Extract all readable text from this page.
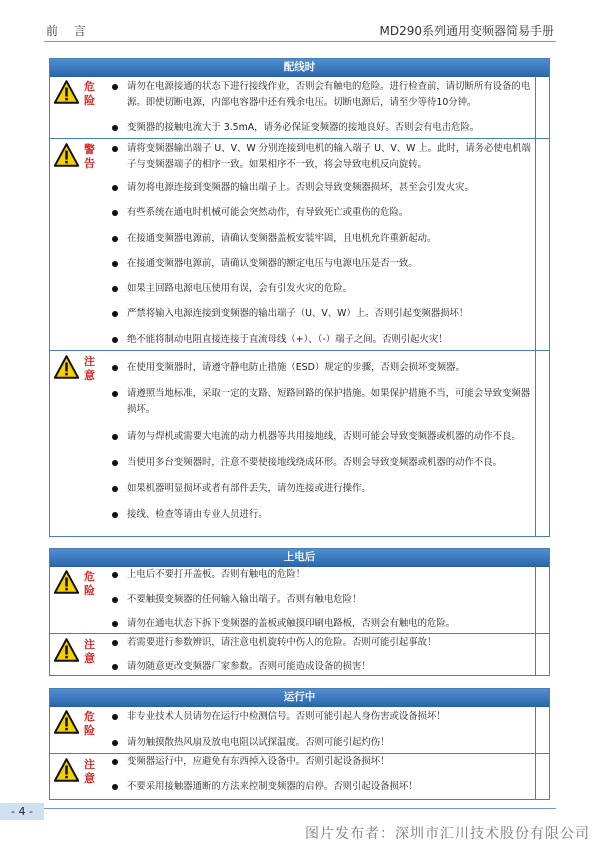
前 言	MD290系列通用变频器简易手册
配线时
危险
请勿在电源接通的状态下进行接线作业，否则会有触电的危险。进行检查前，请切断所有设备的电源。即使切断电源，内部电容器中还有残余电压。切断电源后，请至少等待10分钟。
变频器的接触电流大于 3.5mA，请务必保证变频器的接地良好。否则会有电击危险。
警告
请将变频器输出端子 U、V、W 分别连接到电机的输入端子 U、V、W 上。此时，请务必使电机端子与变频器端子的相序一致。如果相序不一致，将会导致电机反向旋转。
请勿将电源连接到变频器的输出端子上。否则会导致变频器损坏，甚至会引发火灾。
有些系统在通电时机械可能会突然动作，有导致死亡或重伤的危险。
在接通变频器电源前，请确认变频器盖板安装牢固，且电机允许重新起动。
在接通变频器电源前，请确认变频器的额定电压与电源电压是否一致。
如果主回路电源电压使用有误，会有引发火灾的危险。
严禁将输入电源连接到变频器的输出端子（U、V、W）上。否则引起变频器损坏！
绝不能将制动电阻直接连接于直流母线（+）、（-）端子之间。否则引起火灾！
注意
在使用变频器时，请遵守静电防止措施（ESD）规定的步骤，否则会损坏变频器。
请遵照当地标准，采取一定的支路、短路回路的保护措施。如果保护措施不当，可能会导致变频器损坏。
请勿与焊机或需要大电流的动力机器等共用接地线，否则可能会导致变频器或机器的动作不良。
当使用多台变频器时，注意不要使接地线绕成环形。否则会导致变频器或机器的动作不良。
如果机器明显损坏或者有部件丢失，请勿连接或进行操作。
接线、检查等请由专业人员进行。
上电后
危险
上电后不要打开盖板。否则有触电的危险！
不要触摸变频器的任何输入输出端子。否则有触电危险！
请勿在通电状态下拆下变频器的盖板或触摸印刷电路板，否则会有触电的危险。
注意
若需要进行参数辨识，请注意电机旋转中伤人的危险。否则可能引起事故！
请勿随意更改变频器厂家参数。否则可能造成设备的损害！
运行中
危险
非专业技术人员请勿在运行中检测信号。否则可能引起人身伤害或设备损坏！
请勿触摸散热风扇及放电电阻以试探温度。否则可能引起灼伤！
注意
变频器运行中，应避免有东西掉入设备中。否则引起设备损坏！
不要采用接触器通断的方法来控制变频器的启停。否则引起设备损坏！
- 4 -
图片发布者：深圳市汇川技术股份有限公司
